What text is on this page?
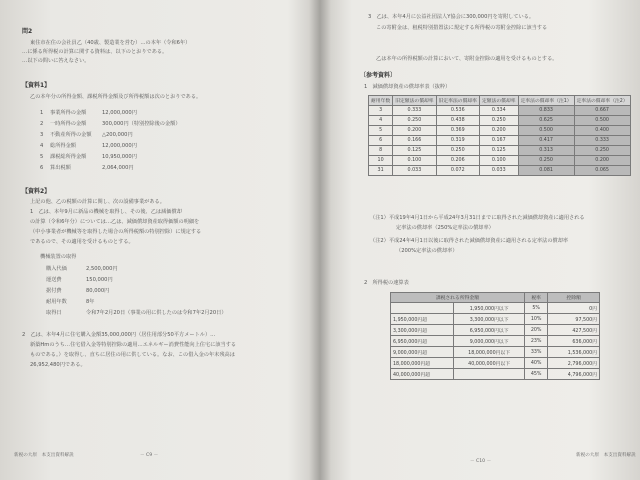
問2
東住市在住の会社員乙（40歳、製造業を営む）…の本年（令和6年）
…に係る所得税の計算に関する資料は、以下のとおりである。
…以下の問いに答えなさい。
【資料1】
乙の本年分の所得金額、課税所得金額及び所得税額は次のとおりである。
1 事業所得の金額	12,000,000円
2 一時所得の金額	300,000円（特別控除後の金額）
3 不動産所得の金額 △200,000円
4 総所得金額	12,000,000円
5 課税総所得金額	10,950,000円
6 算出税額	2,064,000円
【資料2】
上記の他、乙の税額の計算に関し、次の設備事業がある。
1　乙は、本年9月に新品の機械を取得し、その後、乙は減価償却
の計算（令和6年分）については…乙は、減価償却資産取得価額の明細を
（中小事業者が機械等を取得した場合の所得税額の特別控除）に規定する
であるので、その適用を受けるものとする。
機械装置の取得
購入代価	2,500,000円
運送費	150,000円
据付費	80,000円
耐用年数	8年
取得日	令和7年2月20日（事業の用に供したのは令和7年2月20日）
2　乙は、本年4月に住宅購入金額35,000,000円（居住用部分50平方メートル）…
新築Hmのうち…住宅借入金等特別控除の適用…エネルギー消費性能向上住宅に該当する
ものである。）を取得し、直ちに居住の用に供している。なお、この借入金の年末残高は
26,952,480円である。
新税の大原　本支出資料解説	－ C9 －
3　乙は、本年4月に公益社団法人Y協会に300,000円を寄附している。
この寄附金は、租税特別措置法に規定する所得税の寄附金控除に該当する
乙は本年の所得税額の計算において、寄附金控除の適用を受けるものとする。
〔参考資料〕
1　減価償却資産の償却率表（抜粋）
耐用年数	旧定額法の償却率	旧定率法の償却率	定額法の償却率	定率法の償却率（注1）	定率法の償却率（注2）
3	0.333	0.536	0.334	0.833	0.667
4	0.250	0.438	0.250	0.625	0.500
5	0.200	0.369	0.200	0.500	0.400
6	0.166	0.319	0.167	0.417	0.333
8	0.125	0.250	0.125	0.313	0.250
10	0.100	0.206	0.100	0.250	0.200
31	0.033	0.072	0.033	0.081	0.065
（注1）平成19年4月1日から平成24年3月31日までに取得された減価償却資産に適用される
定率法の償却率（250%定率法の償却率）
（注2）平成24年4月1日以後に取得された減価償却資産に適用される定率法の償却率
（200%定率法の償却率）
2　所得税の速算表
課税される所得金額		税率	控除額
	1,950,000円以下	5%	0円
1,950,000円超	3,300,000円以下	10%	97,500円
3,300,000円超	6,950,000円以下	20%	427,500円
6,950,000円超	9,000,000円以下	23%	636,000円
9,000,000円超	18,000,000円以下	33%	1,536,000円
18,000,000円超	40,000,000円以下	40%	2,796,000円
40,000,000円超		45%	4,796,000円
－ C10 －
新税の大原　本支出資料解説
